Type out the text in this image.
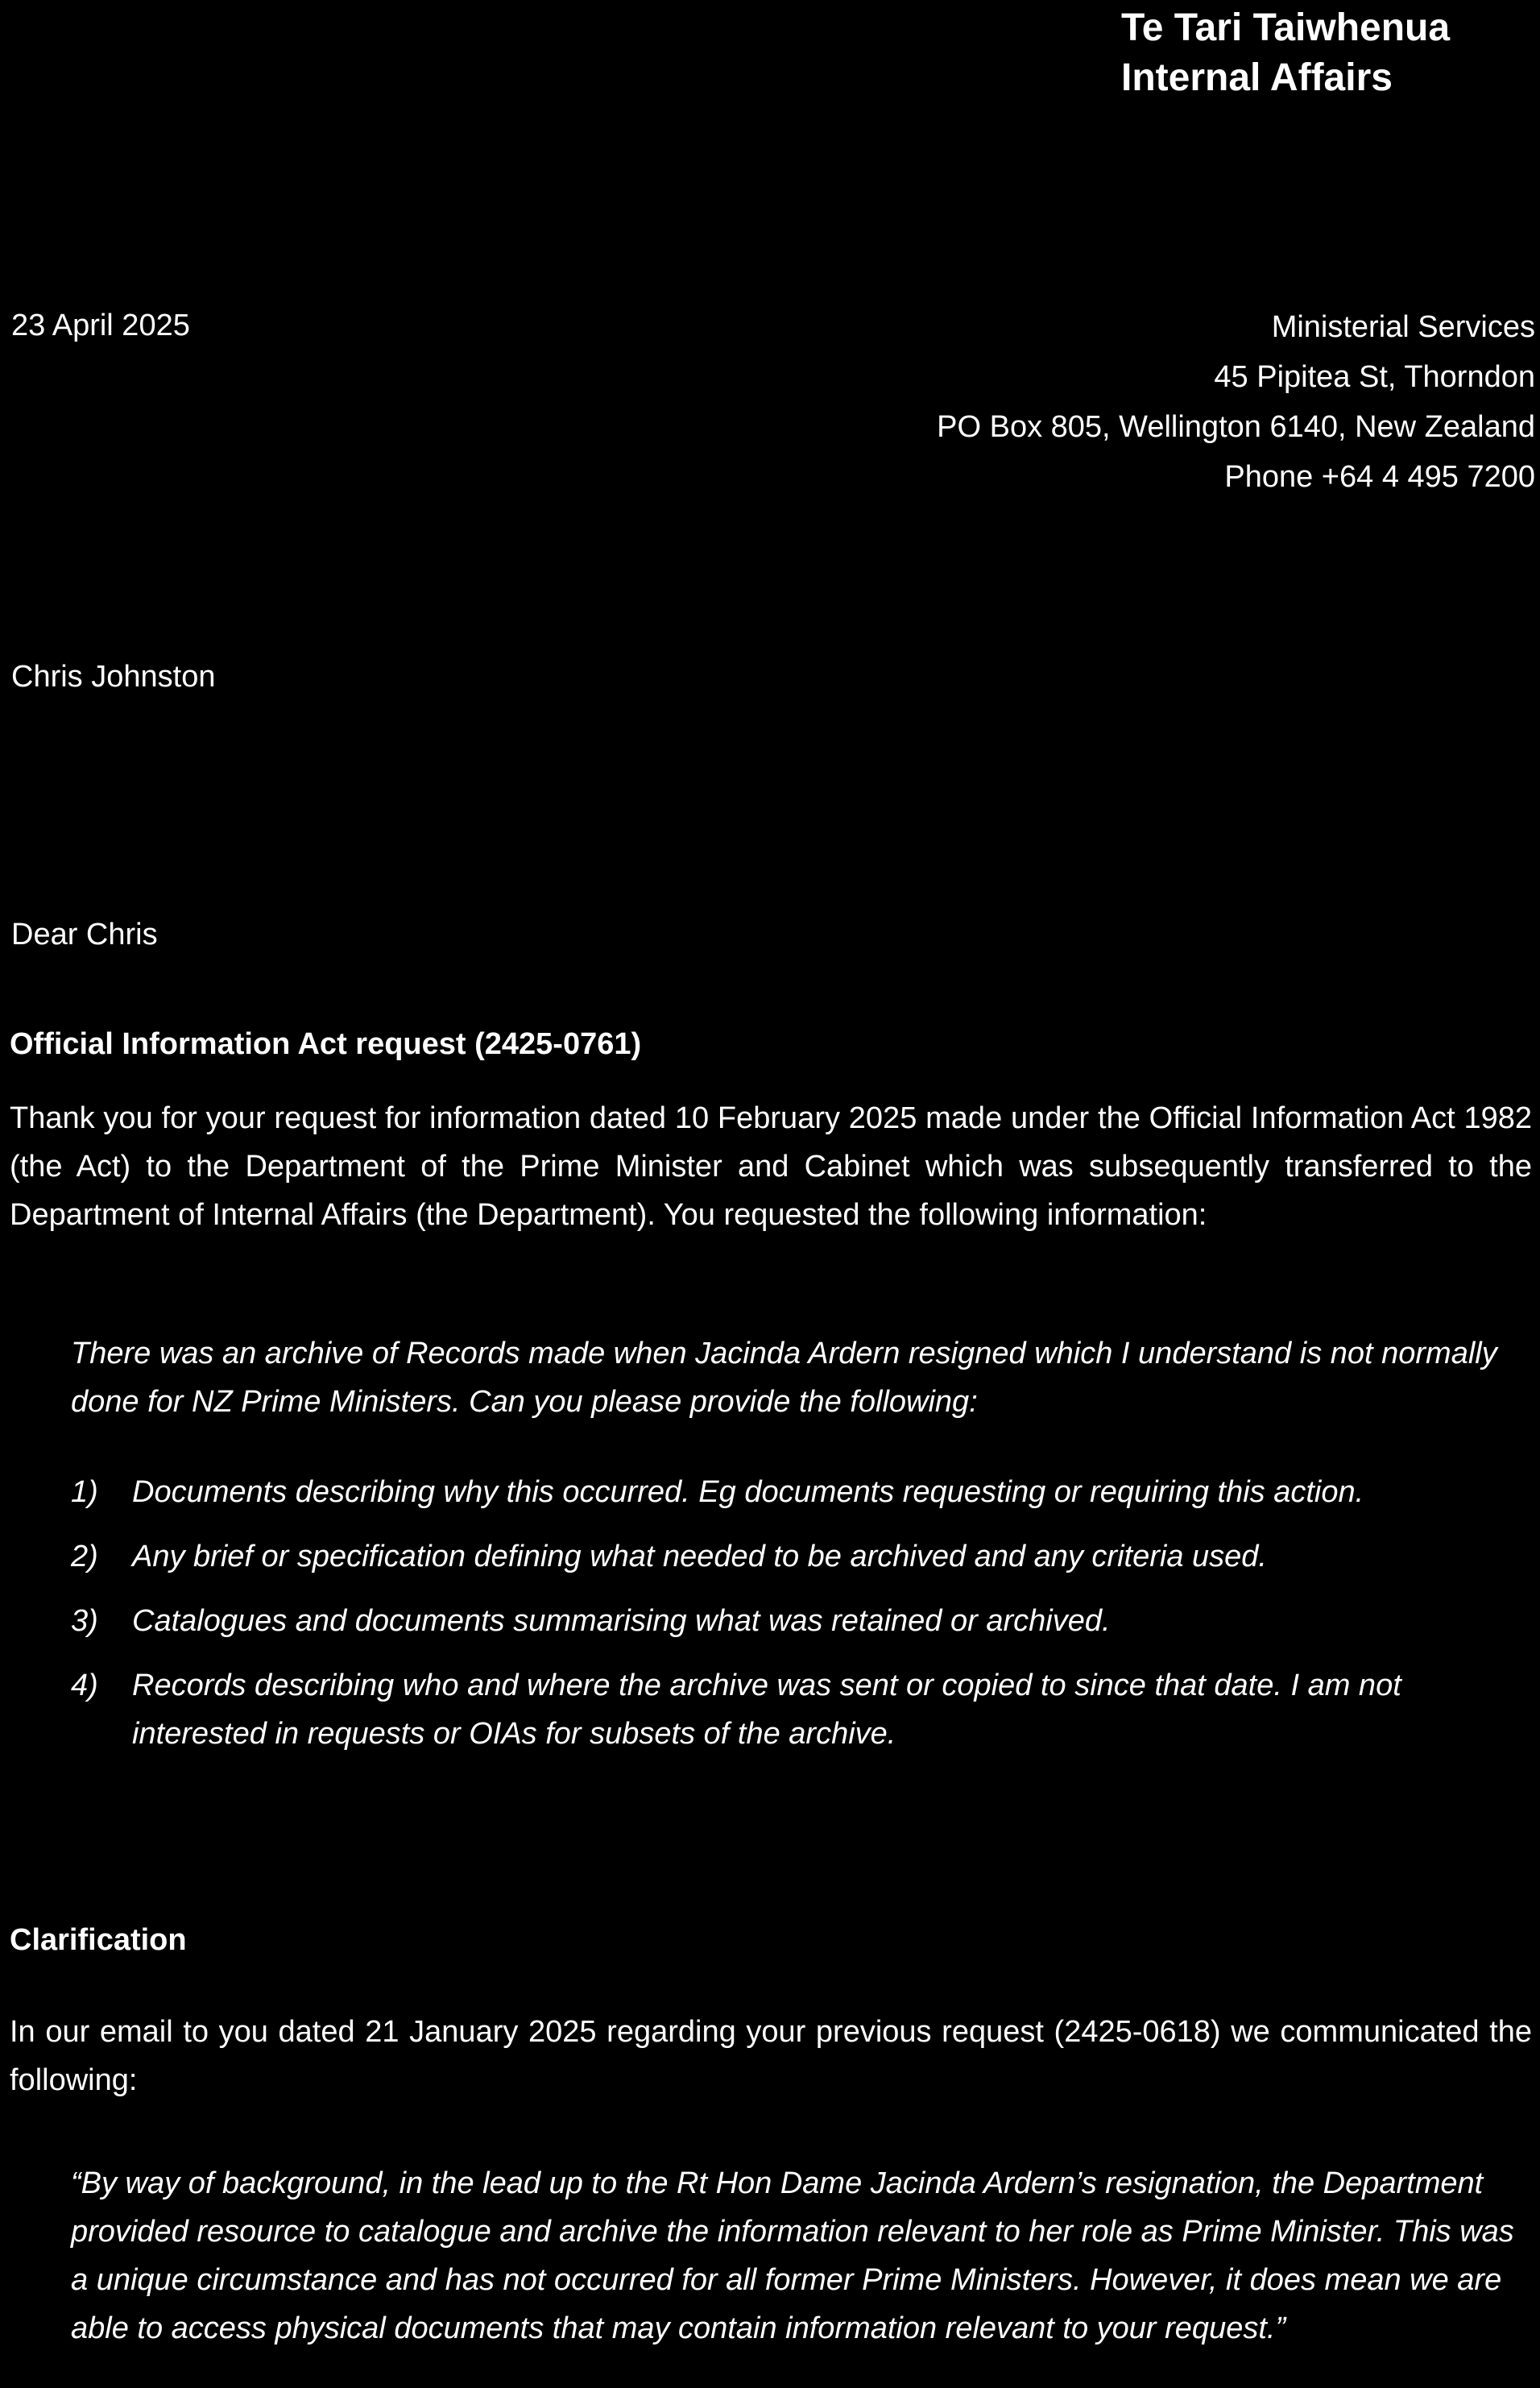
Te Tari Taiwhenua
Internal Affairs
23 April 2025	Ministerial Services
45 Pipitea St, Thorndon
PO Box 805, Wellington 6140, New Zealand
Phone +64 4 495 7200
Chris Johnston
Dear Chris
Official Information Act request (2425-0761)
Thank you for your request for information dated 10 February 2025 made under the Official Information Act 1982 (the Act) to the Department of the Prime Minister and Cabinet which was subsequently transferred to the Department of Internal Affairs (the Department). You requested the following information:
There was an archive of Records made when Jacinda Ardern resigned which I understand is not normally done for NZ Prime Ministers. Can you please provide the following:
1) Documents describing why this occurred. Eg documents requesting or requiring this action.
2) Any brief or specification defining what needed to be archived and any criteria used.
3) Catalogues and documents summarising what was retained or archived.
4) Records describing who and where the archive was sent or copied to since that date. I am not interested in requests or OIAs for subsets of the archive.
Clarification
In our email to you dated 21 January 2025 regarding your previous request (2425-0618) we communicated the following:
“By way of background, in the lead up to the Rt Hon Dame Jacinda Ardern’s resignation, the Department provided resource to catalogue and archive the information relevant to her role as Prime Minister. This was a unique circumstance and has not occurred for all former Prime Ministers. However, it does mean we are able to access physical documents that may contain information relevant to your request.”
